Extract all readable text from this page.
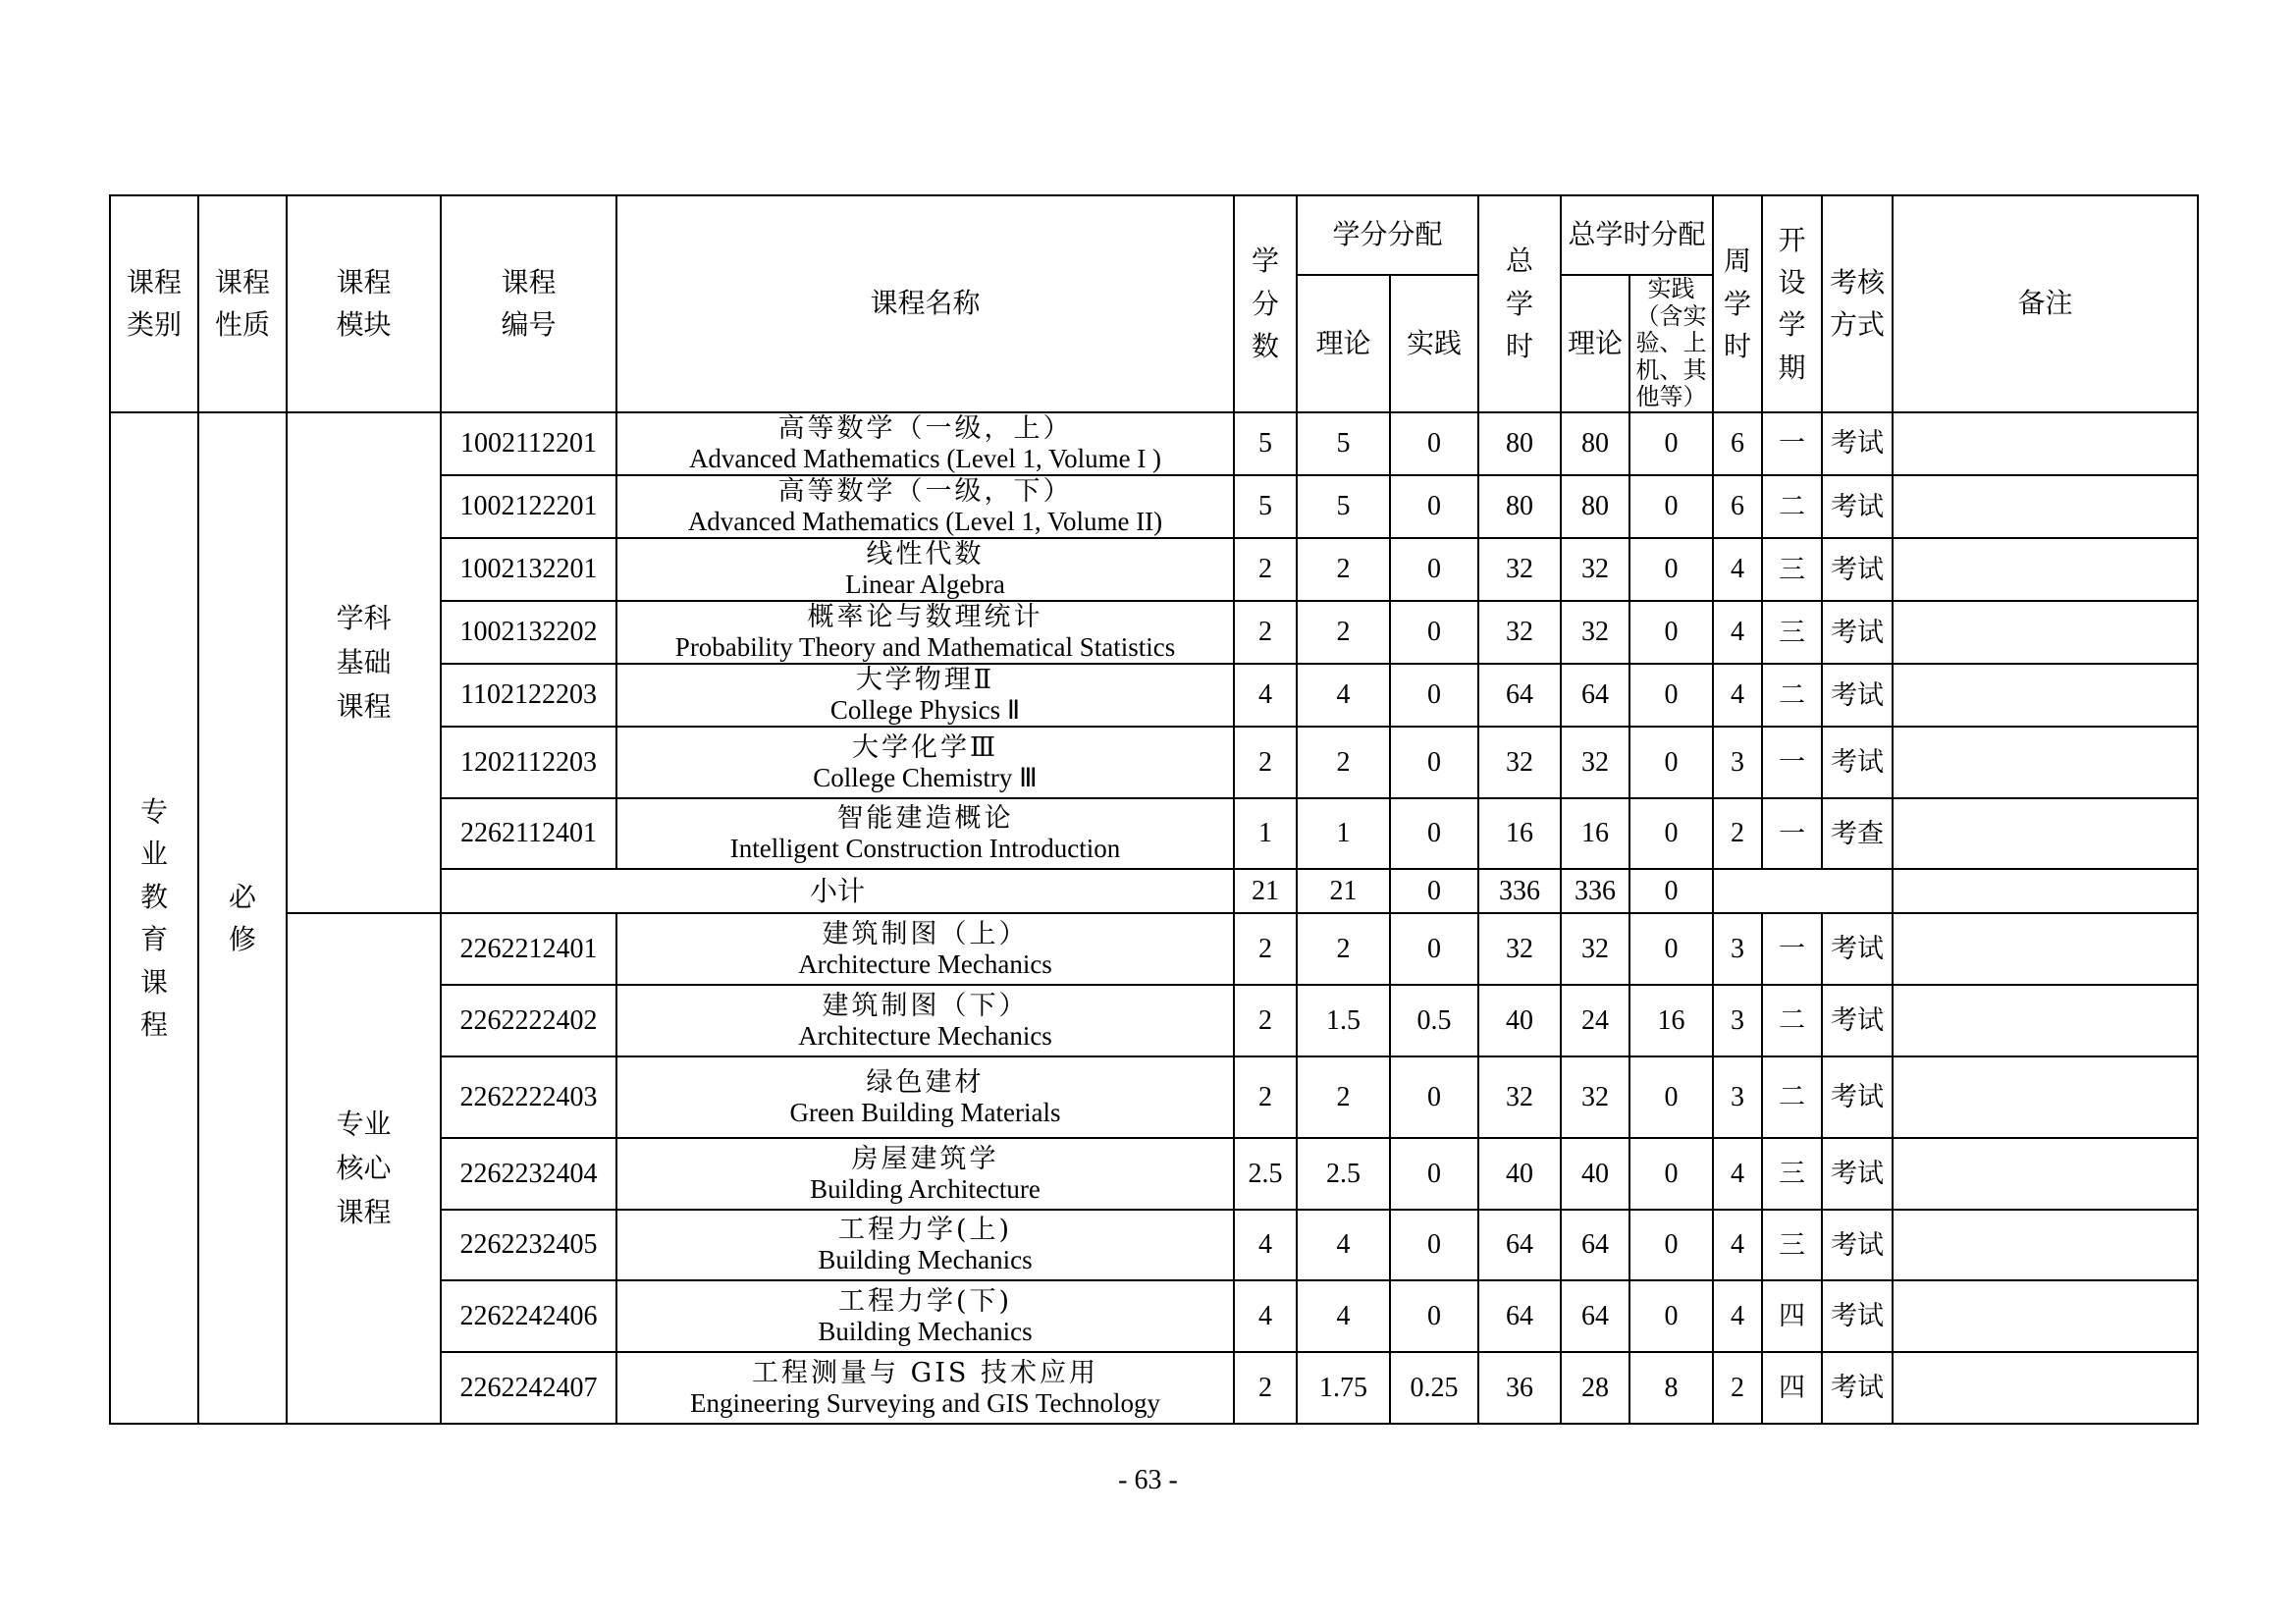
课程类别	课程性质	课程模块	课程编号	课程名称	学分数	学分分配		总学时	总学时分配		周学时	开设学期	考核方式	备注
						理论	实践		理论	实践（含实验、上机、其他等）				
专业教育课程	必修	学科基础课程	1002112201	高等数学（一级，上）
Advanced Mathematics (Level 1, Volume I )	5	5	0	80	80	0	6	一	考试	
			1002122201	高等数学（一级，下）
Advanced Mathematics (Level 1, Volume II)	5	5	0	80	80	0	6	二	考试	
			1002132201	线性代数
Linear Algebra	2	2	0	32	32	0	4	三	考试	
			1002132202	概率论与数理统计
Probability Theory and Mathematical Statistics	2	2	0	32	32	0	4	三	考试	
			1102122203	大学物理Ⅱ
College Physics Ⅱ	4	4	0	64	64	0	4	二	考试	
			1202112203	大学化学Ⅲ
College Chemistry Ⅲ	2	2	0	32	32	0	3	一	考试	
			2262112401	智能建造概论
Intelligent Construction Introduction	1	1	0	16	16	0	2	一	考查	
			小计		21	21	0	336	336	0				
		专业核心课程	2262212401	建筑制图（上）
Architecture Mechanics	2	2	0	32	32	0	3	一	考试	
			2262222402	建筑制图（下）
Architecture Mechanics	2	1.5	0.5	40	24	16	3	二	考试	
			2262222403	绿色建材
Green Building Materials	2	2	0	32	32	0	3	二	考试	
			2262232404	房屋建筑学
Building Architecture	2.5	2.5	0	40	40	0	4	三	考试	
			2262232405	工程力学(上)
Building Mechanics	4	4	0	64	64	0	4	三	考试	
			2262242406	工程力学(下)
Building Mechanics	4	4	0	64	64	0	4	四	考试	
			2262242407	工程测量与 GIS 技术应用
Engineering Surveying and GIS Technology	2	1.75	0.25	36	28	8	2	四	考试	
- 63 -
